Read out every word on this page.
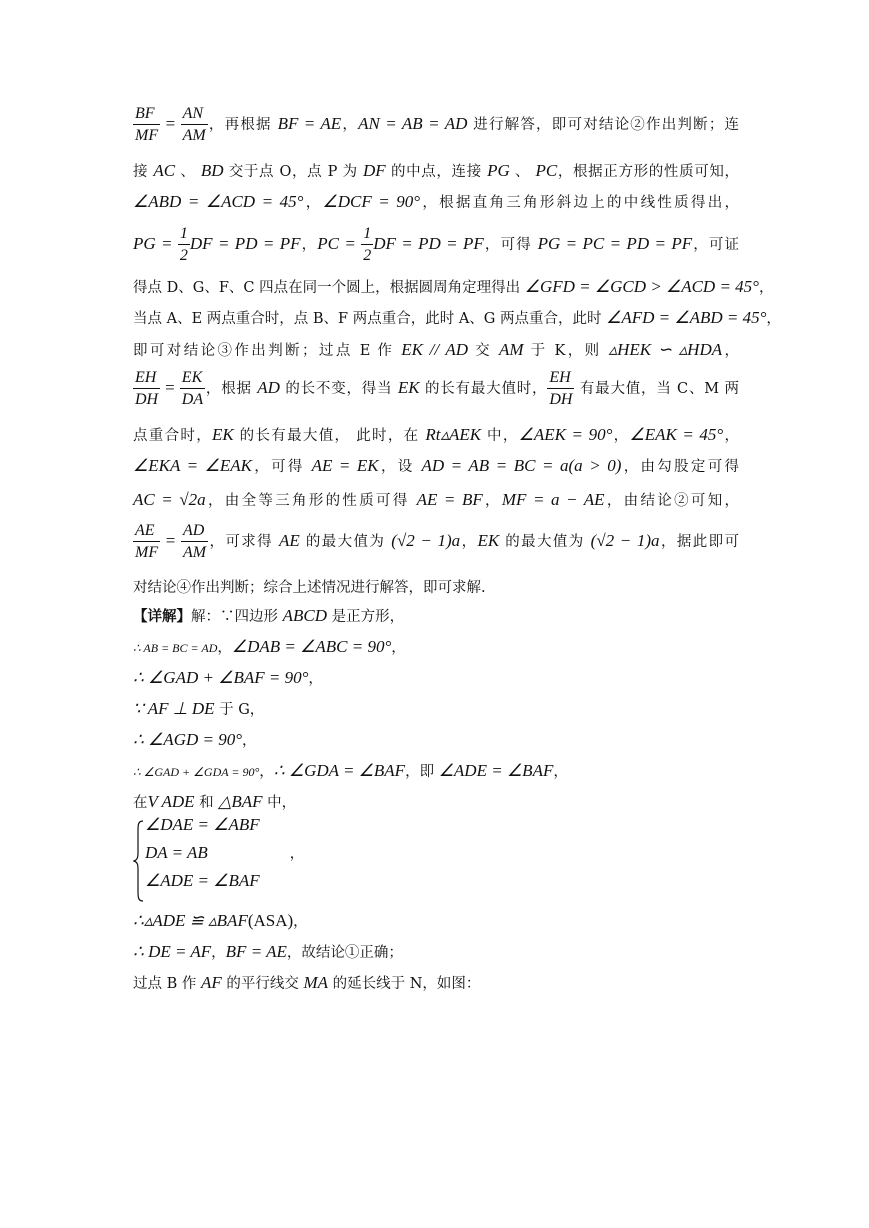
$\frac{BF}{MF} = \frac{AN}{AM}$ ，再根据 BF = AE，AN = AB = AD 进行解答，即可对结论②作出判断；连
接 AC 、 BD 交于点 O，点 P 为 DF 的中点，连接 PG 、 PC，根据正方形的性质可知，
∠ABD = ∠ACD = 45°，∠DCF = 90°，根据直角三角形斜边上的中线性质得出，
PG = $\frac{1}{2}$ DF = PD = PF，PC = $\frac{1}{2}$ DF = PD = PF，可得 PG = PC = PD = PF，可证
得点 D、G、F、C 四点在同一个圆上，根据圆周角定理得出 ∠GFD = ∠GCD > ∠ACD = 45°，
当点 A、E 两点重合时，点 B、F 两点重合，此时 A、G 两点重合，此时 ∠AFD = ∠ABD = 45°，
即可对结论③作出判断；过点 E 作 EK // AD 交 AM 于 K，则 ▵HEK ∽ ▵HDA，
$\frac{EH}{DH} = \frac{EK}{DA}$ ，根据 AD 的长不变，得当 EK 的长有最大值时， $\frac{EH}{DH}$ 有最大值，当 C、M 两
点重合时，EK 的长有最大值， 此时，在 Rt▵AEK 中，∠AEK = 90°，∠EAK = 45°，
∠EKA = ∠EAK，可得 AE = EK，设 AD = AB = BC = a(a > 0)，由勾股定可得
AC = √2a，由全等三角形的性质可得 AE = BF，MF = a − AE，由结论②可知，
$\frac{AE}{MF} = \frac{AD}{AM}$ ，可求得 AE 的最大值为 (√2 − 1)a，EK 的最大值为 (√2 − 1)a，据此即可
对结论④作出判断；综合上述情况进行解答，即可求解.
【详解】解：∵四边形 ABCD 是正方形，
∴ AB = BC = AD，∠DAB = ∠ABC = 90°，
∴ ∠GAD + ∠BAF = 90°，
∵ AF ⊥ DE 于 G，
∴ ∠AGD = 90°，
∴ ∠GAD + ∠GDA = 90°，∴ ∠GDA = ∠BAF，即 ∠ADE = ∠BAF，
在V ADE 和 △BAF 中，
∠DAE = ∠ABF
DA = AB	，
∠ADE = ∠BAF
∴▵ADE ≌ ▵BAF(ASA)，
∴ DE = AF，BF = AE，故结论①正确；
过点 B 作 AF 的平行线交 MA 的延长线于 N，如图：
